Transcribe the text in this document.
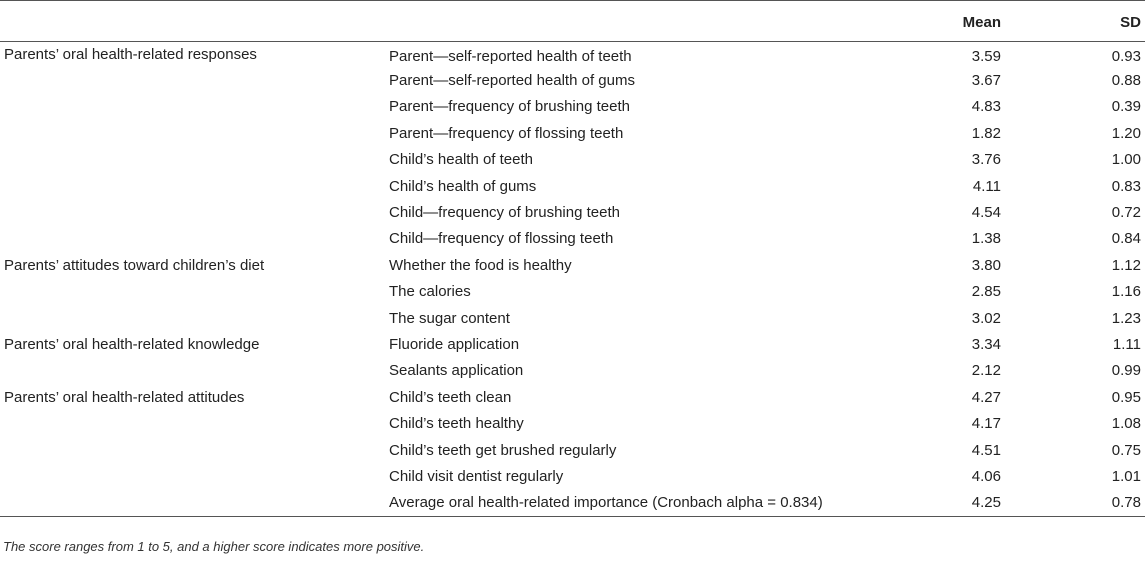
		Mean	SD
Parents’ oral health-related responses	Parent—self-reported health of teeth	3.59	0.93
	Parent—self-reported health of gums	3.67	0.88
	Parent—frequency of brushing teeth	4.83	0.39
	Parent—frequency of flossing teeth	1.82	1.20
	Child’s health of teeth	3.76	1.00
	Child’s health of gums	4.11	0.83
	Child—frequency of brushing teeth	4.54	0.72
	Child—frequency of flossing teeth	1.38	0.84
Parents’ attitudes toward children’s diet	Whether the food is healthy	3.80	1.12
	The calories	2.85	1.16
	The sugar content	3.02	1.23
Parents’ oral health-related knowledge	Fluoride application	3.34	1.11
	Sealants application	2.12	0.99
Parents’ oral health-related attitudes	Child’s teeth clean	4.27	0.95
	Child’s teeth healthy	4.17	1.08
	Child’s teeth get brushed regularly	4.51	0.75
	Child visit dentist regularly	4.06	1.01
	Average oral health-related importance (Cronbach alpha = 0.834)	4.25	0.78
The score ranges from 1 to 5, and a higher score indicates more positive.
